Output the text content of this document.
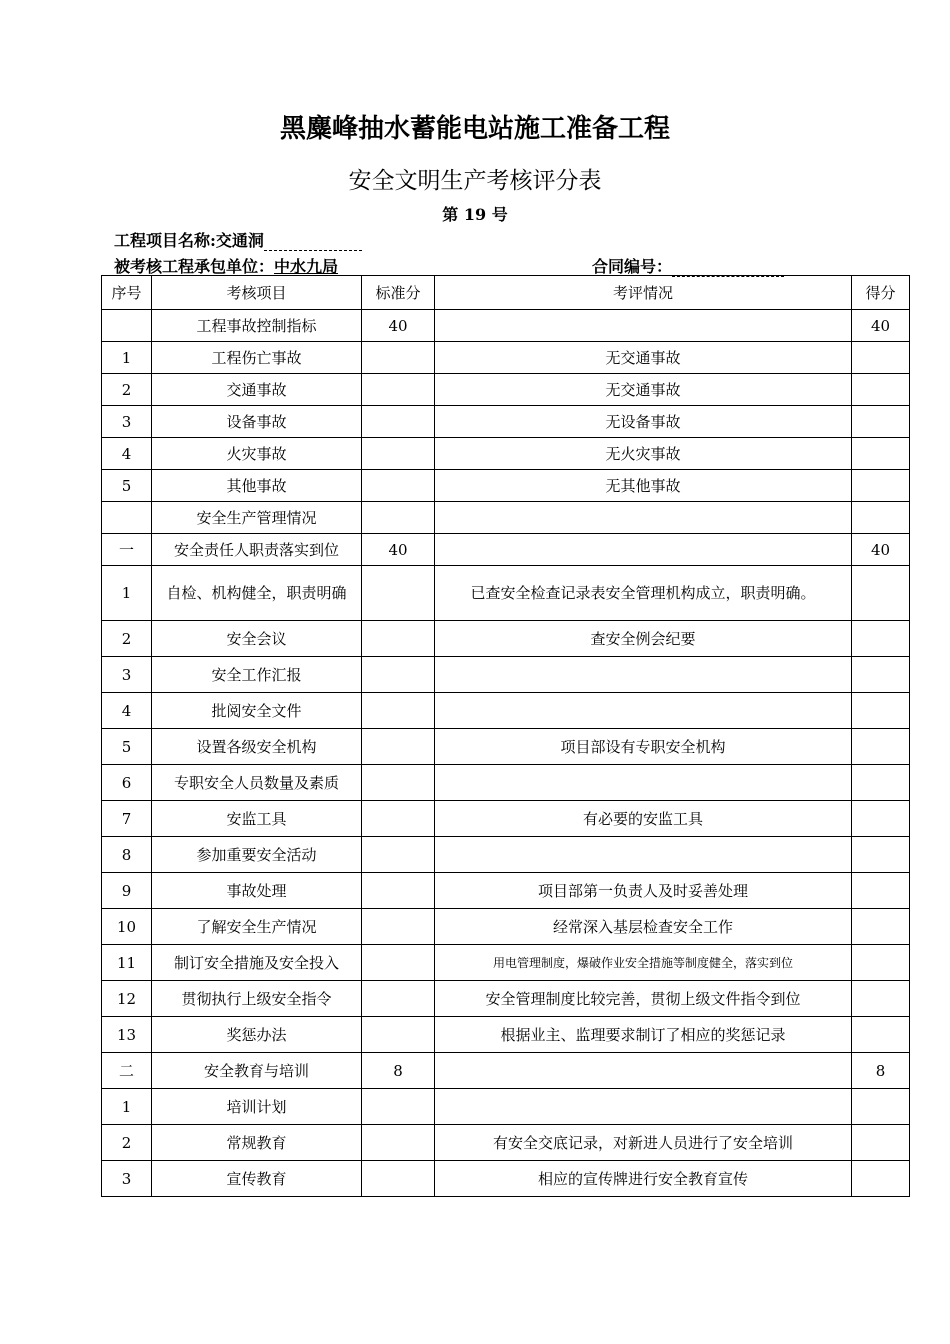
黑麋峰抽水蓄能电站施工准备工程
安全文明生产考核评分表
第 19 号
工程项目名称:交通洞
被考核工程承包单位：中水九局	合同编号：
序号	考核项目	标准分	考评情况	得分
	工程事故控制指标	40		40
1	工程伤亡事故		无交通事故	
2	交通事故		无交通事故	
3	设备事故		无设备事故	
4	火灾事故		无火灾事故	
5	其他事故		无其他事故	
	安全生产管理情况			
一	安全责任人职责落实到位	40		40
1	自检、机构健全，职责明确		已查安全检查记录表安全管理机构成立，职责明确。	
2	安全会议		查安全例会纪要	
3	安全工作汇报			
4	批阅安全文件			
5	设置各级安全机构		项目部设有专职安全机构	
6	专职安全人员数量及素质			
7	安监工具		有必要的安监工具	
8	参加重要安全活动			
9	事故处理		项目部第一负责人及时妥善处理	
10	了解安全生产情况		经常深入基层检查安全工作	
11	制订安全措施及安全投入		用电管理制度，爆破作业安全措施等制度健全，落实到位	
12	贯彻执行上级安全指令		安全管理制度比较完善，贯彻上级文件指令到位	
13	奖惩办法		根据业主、监理要求制订了相应的奖惩记录	
二	安全教育与培训	8		8
1	培训计划			
2	常规教育		有安全交底记录，对新进人员进行了安全培训	
3	宣传教育		相应的宣传牌进行安全教育宣传	
